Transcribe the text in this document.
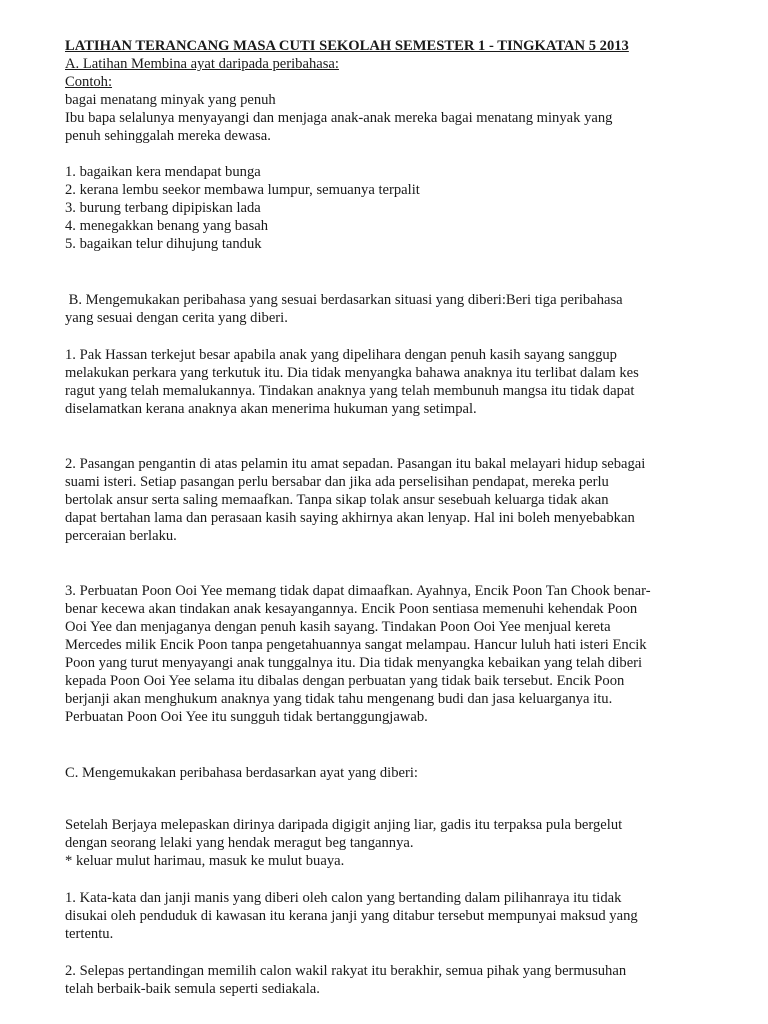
LATIHAN TERANCANG MASA CUTI SEKOLAH SEMESTER 1 - TINGKATAN 5 2013

A. Latihan Membina ayat daripada peribahasa:

Contoh:

bagai menatang minyak yang penuh

Ibu bapa selalunya menyayangi dan menjaga anak-anak mereka bagai menatang minyak yang

penuh sehinggalah mereka dewasa.

1. bagaikan kera mendapat bunga

2. kerana lembu seekor membawa lumpur, semuanya terpalit

3. burung terbang dipipiskan lada

4. menegakkan benang yang basah

5. bagaikan telur dihujung tanduk

B. Mengemukakan peribahasa yang sesuai berdasarkan situasi yang diberi:Beri tiga peribahasa

yang sesuai dengan cerita yang diberi.

1. Pak Hassan terkejut besar apabila anak yang dipelihara dengan penuh kasih sayang sanggup

melakukan perkara yang terkutuk itu. Dia tidak menyangka bahawa anaknya itu terlibat dalam kes

ragut yang telah memalukannya. Tindakan anaknya yang telah membunuh mangsa itu tidak dapat

diselamatkan kerana anaknya akan menerima hukuman yang setimpal.

2. Pasangan pengantin di atas pelamin itu amat sepadan. Pasangan itu bakal melayari hidup sebagai

suami isteri. Setiap pasangan perlu bersabar dan jika ada perselisihan pendapat, mereka perlu

bertolak ansur serta saling memaafkan. Tanpa sikap tolak ansur sesebuah keluarga tidak akan

dapat bertahan lama dan perasaan kasih saying akhirnya akan lenyap. Hal ini boleh menyebabkan

perceraian berlaku.

3. Perbuatan Poon Ooi Yee memang tidak dapat dimaafkan. Ayahnya, Encik Poon Tan Chook benar-

benar kecewa akan tindakan anak kesayangannya. Encik Poon sentiasa memenuhi kehendak Poon

Ooi Yee dan menjaganya dengan penuh kasih sayang. Tindakan Poon Ooi Yee menjual kereta

Mercedes milik Encik Poon tanpa pengetahuannya sangat melampau. Hancur luluh hati isteri Encik

Poon yang turut menyayangi anak tunggalnya itu. Dia tidak menyangka kebaikan yang telah diberi

kepada Poon Ooi Yee selama itu dibalas dengan perbuatan yang tidak baik tersebut. Encik Poon

berjanji akan menghukum anaknya yang tidak tahu mengenang budi dan jasa keluarganya itu.

Perbuatan Poon Ooi Yee itu sungguh tidak bertanggungjawab.

C. Mengemukakan peribahasa berdasarkan ayat yang diberi:

Setelah Berjaya melepaskan dirinya daripada digigit anjing liar, gadis itu terpaksa pula bergelut

dengan seorang lelaki yang hendak meragut beg tangannya.

* keluar mulut harimau, masuk ke mulut buaya.

1. Kata-kata dan janji manis yang diberi oleh calon yang bertanding dalam pilihanraya itu tidak

disukai oleh penduduk di kawasan itu kerana janji yang ditabur tersebut mempunyai maksud yang

tertentu.

2. Selepas pertandingan memilih calon wakil rakyat itu berakhir, semua pihak yang bermusuhan

telah berbaik-baik semula seperti sediakala.
